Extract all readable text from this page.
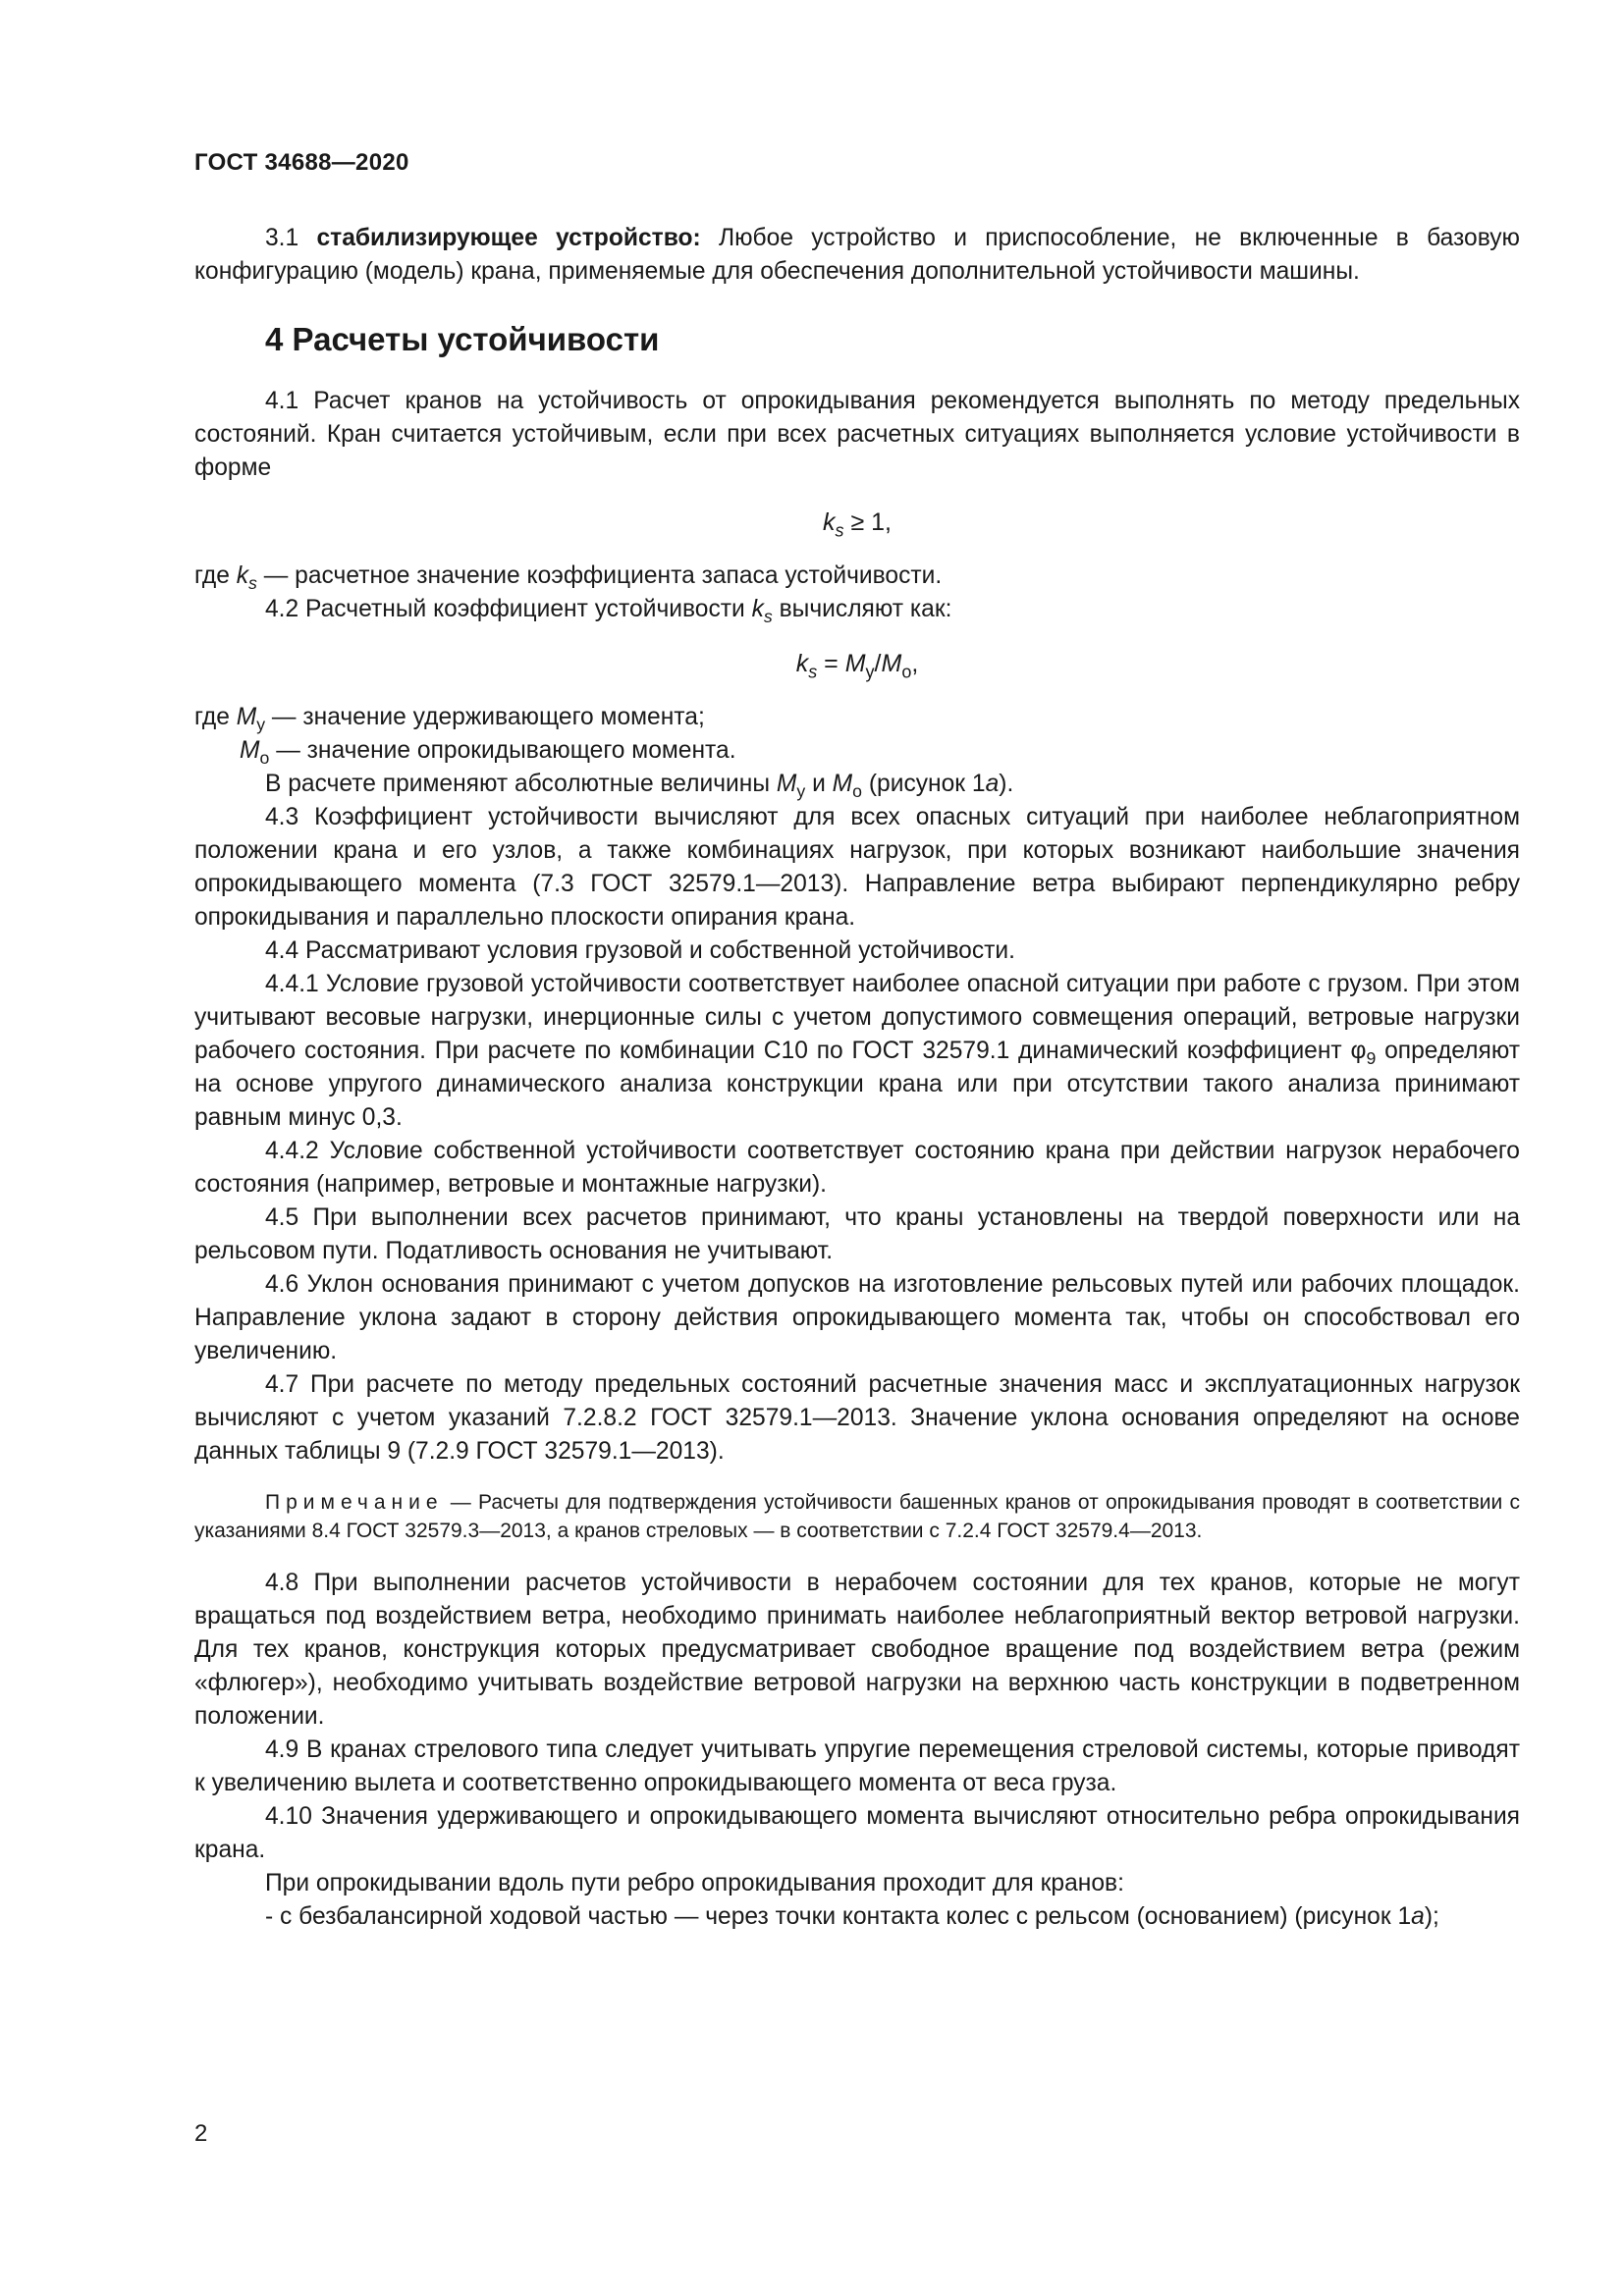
ГОСТ 34688—2020

3.1 стабилизирующее устройство: Любое устройство и приспособление, не включенные в базовую конфигурацию (модель) крана, применяемые для обеспечения дополнительной устойчивости машины.

4 Расчеты устойчивости

4.1 Расчет кранов на устойчивость от опрокидывания рекомендуется выполнять по методу предельных состояний. Кран считается устойчивым, если при всех расчетных ситуациях выполняется условие устойчивости в форме

$k_s \ge 1$,

где $k_s$ — расчетное значение коэффициента запаса устойчивости.

4.2 Расчетный коэффициент устойчивости $k_s$ вычисляют как:

$k_s = M_у/M_о$,

где $M_у$ — значение удерживающего момента;

$M_о$ — значение опрокидывающего момента.

В расчете применяют абсолютные величины $M_у$ и $M_о$ (рисунок 1а).

4.3 Коэффициент устойчивости вычисляют для всех опасных ситуаций при наиболее неблагоприятном положении крана и его узлов, а также комбинациях нагрузок, при которых возникают наибольшие значения опрокидывающего момента (7.3 ГОСТ 32579.1—2013). Направление ветра выбирают перпендикулярно ребру опрокидывания и параллельно плоскости опирания крана.

4.4 Рассматривают условия грузовой и собственной устойчивости.

4.4.1 Условие грузовой устойчивости соответствует наиболее опасной ситуации при работе с грузом. При этом учитывают весовые нагрузки, инерционные силы с учетом допустимого совмещения операций, ветровые нагрузки рабочего состояния. При расчете по комбинации С10 по ГОСТ 32579.1 динамический коэффициент $\varphi_9$ определяют на основе упругого динамического анализа конструкции крана или при отсутствии такого анализа принимают равным минус 0,3.

4.4.2 Условие собственной устойчивости соответствует состоянию крана при действии нагрузок нерабочего состояния (например, ветровые и монтажные нагрузки).

4.5 При выполнении всех расчетов принимают, что краны установлены на твердой поверхности или на рельсовом пути. Податливость основания не учитывают.

4.6 Уклон основания принимают с учетом допусков на изготовление рельсовых путей или рабочих площадок. Направление уклона задают в сторону действия опрокидывающего момента так, чтобы он способствовал его увеличению.

4.7 При расчете по методу предельных состояний расчетные значения масс и эксплуатационных нагрузок вычисляют с учетом указаний 7.2.8.2 ГОСТ 32579.1—2013. Значение уклона основания определяют на основе данных таблицы 9 (7.2.9 ГОСТ 32579.1—2013).

Примечание — Расчеты для подтверждения устойчивости башенных кранов от опрокидывания проводят в соответствии с указаниями 8.4 ГОСТ 32579.3—2013, а кранов стреловых — в соответствии с 7.2.4 ГОСТ 32579.4—2013.

4.8 При выполнении расчетов устойчивости в нерабочем состоянии для тех кранов, которые не могут вращаться под воздействием ветра, необходимо принимать наиболее неблагоприятный вектор ветровой нагрузки. Для тех кранов, конструкция которых предусматривает свободное вращение под воздействием ветра (режим «флюгер»), необходимо учитывать воздействие ветровой нагрузки на верхнюю часть конструкции в подветренном положении.

4.9 В кранах стрелового типа следует учитывать упругие перемещения стреловой системы, которые приводят к увеличению вылета и соответственно опрокидывающего момента от веса груза.

4.10 Значения удерживающего и опрокидывающего момента вычисляют относительно ребра опрокидывания крана.

При опрокидывании вдоль пути ребро опрокидывания проходит для кранов:

- с безбалансирной ходовой частью — через точки контакта колес с рельсом (основанием) (рисунок 1а);

2
